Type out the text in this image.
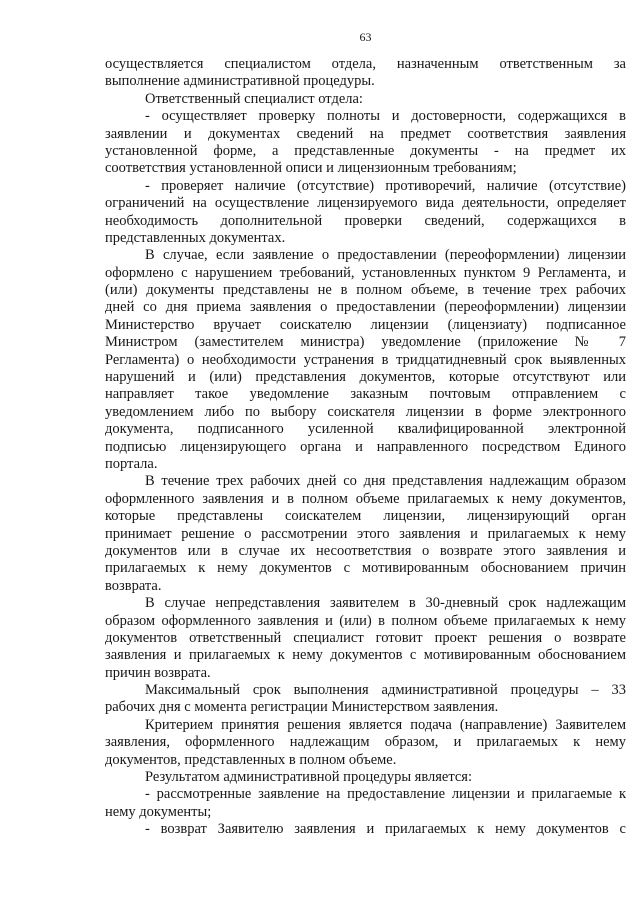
63
осуществляется специалистом отдела, назначенным ответственным за
выполнение административной процедуры.
Ответственный специалист отдела:
- осуществляет проверку полноты и достоверности, содержащихся в
заявлении и документах сведений на предмет соответствия заявления
установленной форме, а представленные документы - на предмет их
соответствия установленной описи и лицензионным требованиям;
- проверяет наличие (отсутствие) противоречий, наличие (отсутствие)
ограничений на осуществление лицензируемого вида деятельности, определяет
необходимость дополнительной проверки сведений, содержащихся в
представленных документах.
В случае, если заявление о предоставлении (переоформлении) лицензии
оформлено с нарушением требований, установленных пунктом 9 Регламента, и
(или) документы представлены не в полном объеме, в течение трех рабочих
дней со дня приема заявления о предоставлении (переоформлении) лицензии
Министерство вручает соискателю лицензии (лицензиату) подписанное
Министром (заместителем министра) уведомление (приложение № 7
Регламента) о необходимости устранения в тридцатидневный срок выявленных
нарушений и (или) представления документов, которые отсутствуют или
направляет такое уведомление заказным почтовым отправлением с
уведомлением либо по выбору соискателя лицензии в форме электронного
документа, подписанного усиленной квалифицированной электронной
подписью лицензирующего органа и направленного посредством Единого
портала.
В течение трех рабочих дней со дня представления надлежащим образом
оформленного заявления и в полном объеме прилагаемых к нему документов,
которые представлены соискателем лицензии, лицензирующий орган
принимает решение о рассмотрении этого заявления и прилагаемых к нему
документов или в случае их несоответствия о возврате этого заявления и
прилагаемых к нему документов с мотивированным обоснованием причин
возврата.
В случае непредставления заявителем в 30-дневный срок надлежащим
образом оформленного заявления и (или) в полном объеме прилагаемых к нему
документов ответственный специалист готовит проект решения о возврате
заявления и прилагаемых к нему документов с мотивированным обоснованием
причин возврата.
Максимальный срок выполнения административной процедуры – 33
рабочих дня с момента регистрации Министерством заявления.
Критерием принятия решения является подача (направление) Заявителем
заявления, оформленного надлежащим образом, и прилагаемых к нему
документов, представленных в полном объеме.
Результатом административной процедуры является:
- рассмотренные заявление на предоставление лицензии и прилагаемые к
нему документы;
- возврат Заявителю заявления и прилагаемых к нему документов с
